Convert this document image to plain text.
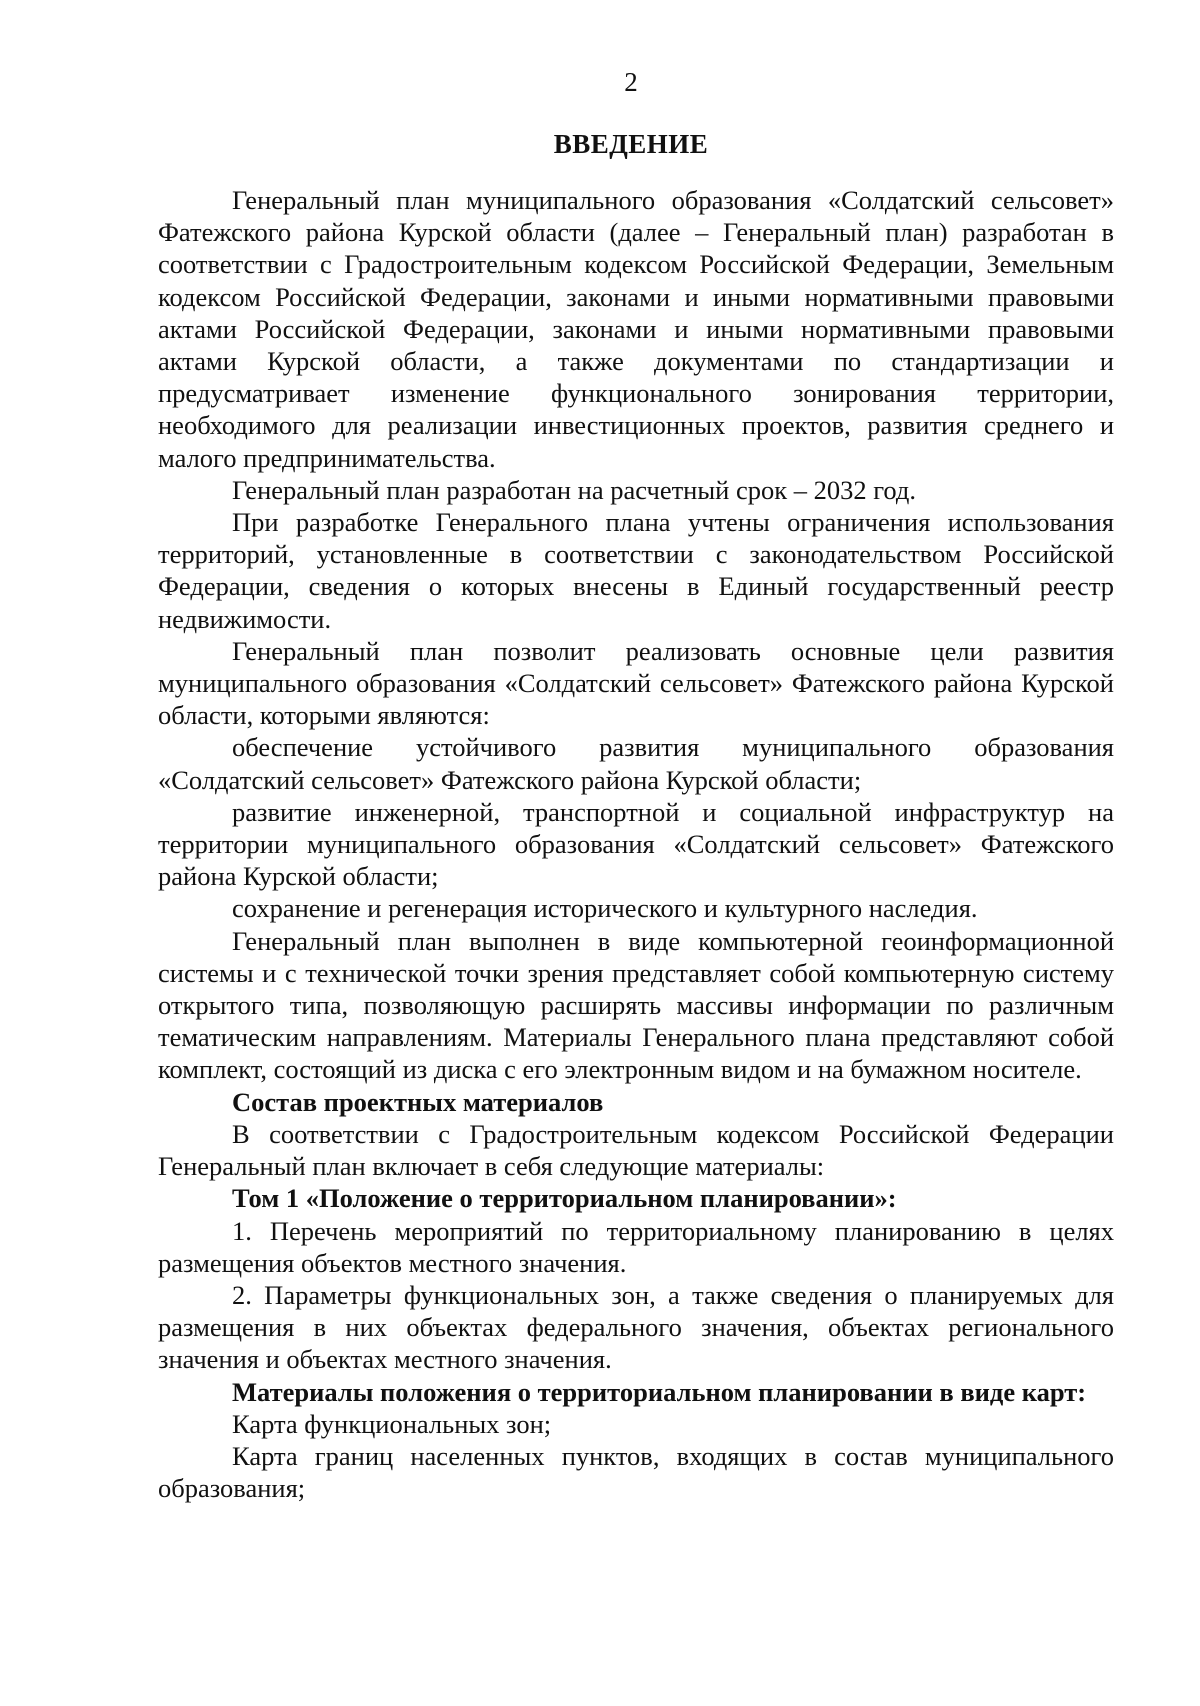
2
ВВЕДЕНИЕ

Генеральный план муниципального образования «Солдатский сельсовет» Фатежского района Курской области (далее – Генеральный план) разработан в соответствии с Градостроительным кодексом Российской Федерации, Земельным кодексом Российской Федерации, законами и иными нормативными правовыми актами Российской Федерации, законами и иными нормативными правовыми актами Курской области, а также документами по стандартизации и предусматривает изменение функционального зонирования территории, необходимого для реализации инвестиционных проектов, развития среднего и малого предпринимательства.

Генеральный план разработан на расчетный срок – 2032 год.

При разработке Генерального плана учтены ограничения использования территорий, установленные в соответствии с законодательством Российской Федерации, сведения о которых внесены в Единый государственный реестр недвижимости.

Генеральный план позволит реализовать основные цели развития муниципального образования «Солдатский сельсовет» Фатежского района Курской области, которыми являются:

обеспечение устойчивого развития муниципального образования «Солдатский сельсовет» Фатежского района Курской области;

развитие инженерной, транспортной и социальной инфраструктур на территории муниципального образования «Солдатский сельсовет» Фатежского района Курской области;

сохранение и регенерация исторического и культурного наследия.

Генеральный план выполнен в виде компьютерной геоинформационной системы и с технической точки зрения представляет собой компьютерную систему открытого типа, позволяющую расширять массивы информации по различным тематическим направлениям. Материалы Генерального плана представляют собой комплект, состоящий из диска с его электронным видом и на бумажном носителе.

Состав проектных материалов

В соответствии с Градостроительным кодексом Российской Федерации Генеральный план включает в себя следующие материалы:

Том 1 «Положение о территориальном планировании»:

1. Перечень мероприятий по территориальному планированию в целях размещения объектов местного значения.

2. Параметры функциональных зон, а также сведения о планируемых для размещения в них объектах федерального значения, объектах регионального значения и объектах местного значения.

Материалы положения о территориальном планировании в виде карт:

Карта функциональных зон;

Карта границ населенных пунктов, входящих в состав муниципального образования;
